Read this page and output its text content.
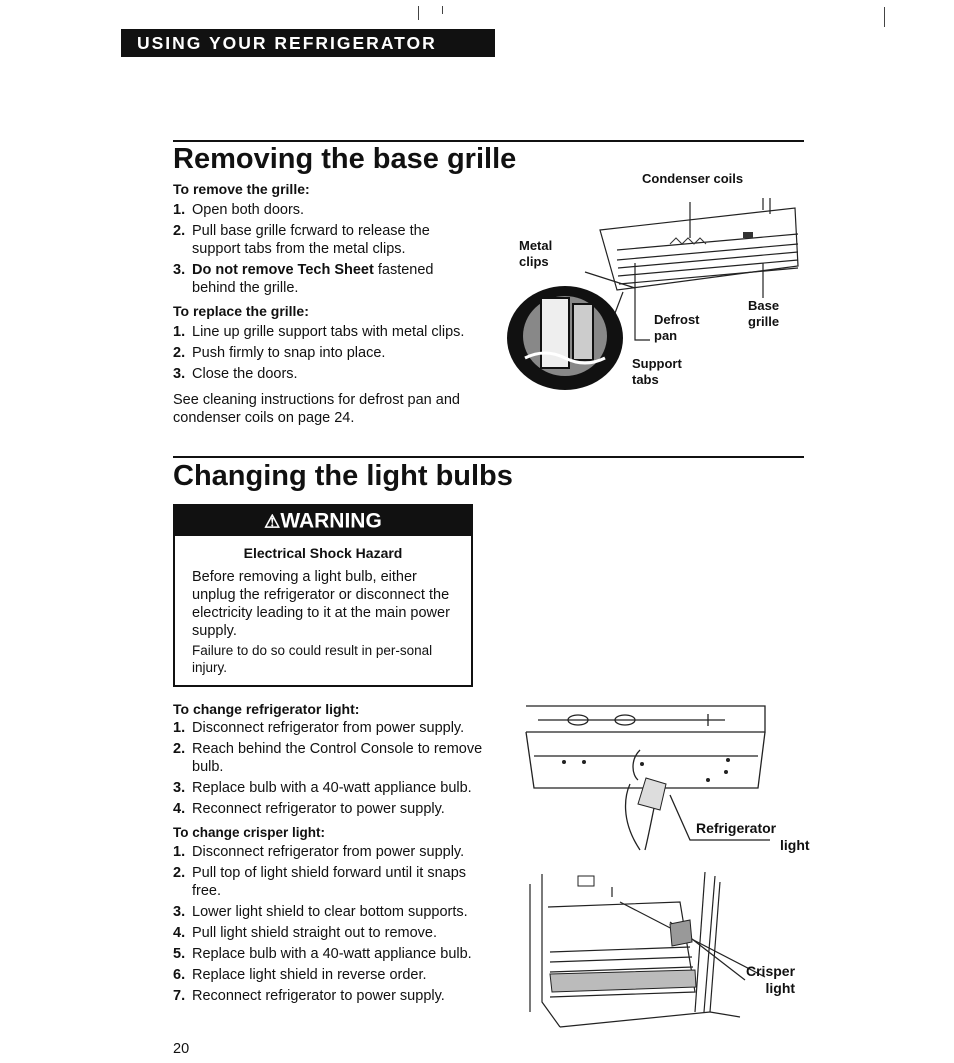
USING YOUR REFRIGERATOR
Removing the base grille
To remove the grille:
1. Open both doors.
2. Pull base grille fcrward to release the support tabs from the metal clips.
3. Do not remove Tech Sheet fastened behind the grille.
To replace the grille:
1. Line up grille support tabs with metal clips.
2. Push firmly to snap into place.
3. Close the doors.
See cleaning instructions for defrost pan and condenser coils on page 24.
Condenser coils
Metal
clips
Base
grille
Defrost
pan
Support
tabs
Changing the light bulbs
⚠WARNING
Electrical Shock Hazard
Before removing a light bulb, either unplug the refrigerator or disconnect the electricity leading to it at the main power supply.
Failure to do so could result in per-sonal injury.
To change refrigerator light:
1. Disconnect refrigerator from power supply.
2. Reach behind the Control Console to remove bulb.
3. Replace bulb with a 40-watt appliance bulb.
4. Reconnect refrigerator to power supply.
To change crisper light:
1. Disconnect refrigerator from power supply.
2. Pull top of light shield forward until it snaps free.
3. Lower light shield to clear bottom supports.
4. Pull light shield straight out to remove.
5. Replace bulb with a 40-watt appliance bulb.
6. Replace light shield in reverse order.
7. Reconnect refrigerator to power supply.
Refrigerator
light
Crisper
light
20
